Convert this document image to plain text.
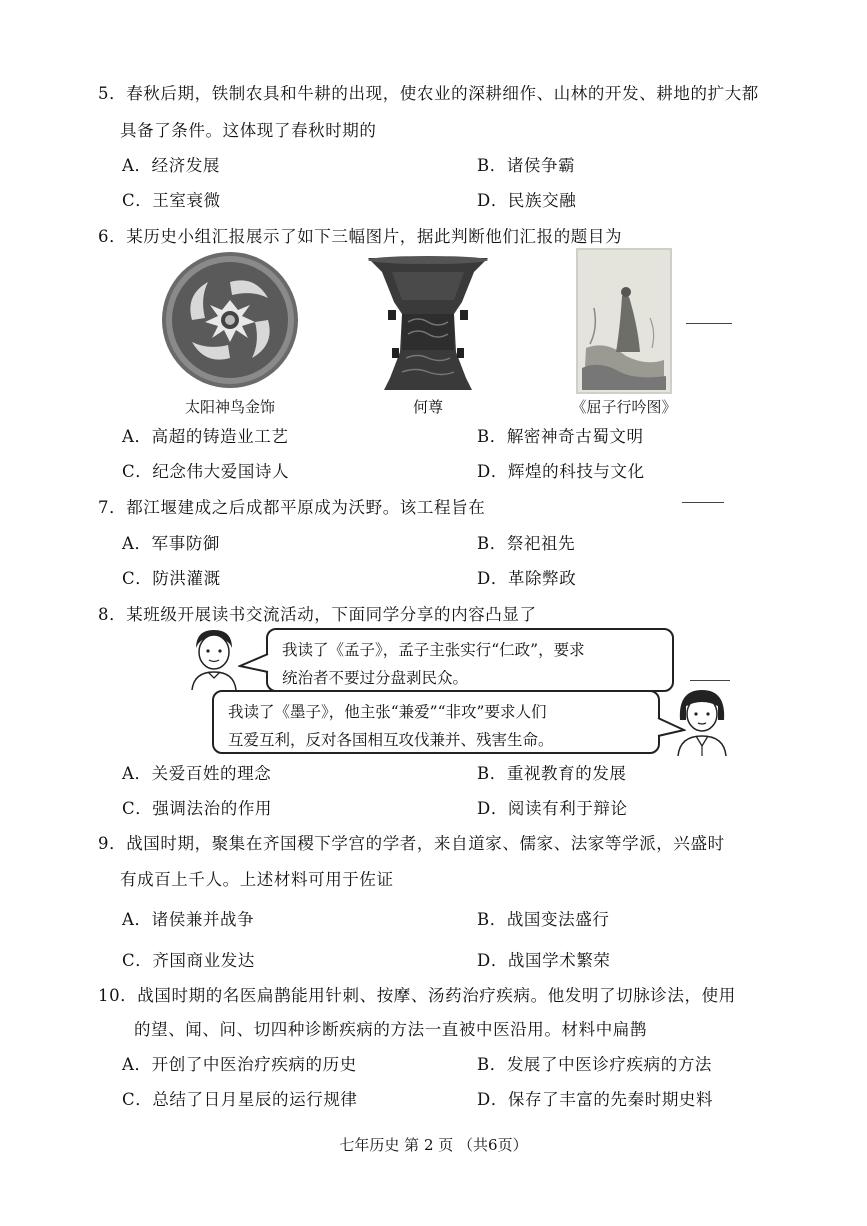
5．春秋后期，铁制农具和牛耕的出现，使农业的深耕细作、山林的开发、耕地的扩大都
具备了条件。这体现了春秋时期的
A．经济发展	B．诸侯争霸
C．王室衰微	D．民族交融
6．某历史小组汇报展示了如下三幅图片，据此判断他们汇报的题目为
太阳神鸟金饰	何尊	《屈子行吟图》
A．高超的铸造业工艺	B．解密神奇古蜀文明
C．纪念伟大爱国诗人	D．辉煌的科技与文化
7．都江堰建成之后成都平原成为沃野。该工程旨在
A．军事防御	B．祭祀祖先
C．防洪灌溉	D．革除弊政
8．某班级开展读书交流活动，下面同学分享的内容凸显了
我读了《孟子》，孟子主张实行“仁政”，要求
统治者不要过分盘剥民众。
我读了《墨子》，他主张“兼爱”“非攻”要求人们
互爱互利，反对各国相互攻伐兼并、残害生命。
A．关爱百姓的理念	B．重视教育的发展
C．强调法治的作用	D．阅读有利于辩论
9．战国时期，聚集在齐国稷下学宫的学者，来自道家、儒家、法家等学派，兴盛时
有成百上千人。上述材料可用于佐证
A．诸侯兼并战争	B．战国变法盛行
C．齐国商业发达	D．战国学术繁荣
10．战国时期的名医扁鹊能用针刺、按摩、汤药治疗疾病。他发明了切脉诊法，使用
的望、闻、问、切四种诊断疾病的方法一直被中医沿用。材料中扁鹊
A．开创了中医治疗疾病的历史	B．发展了中医诊疗疾病的方法
C．总结了日月星辰的运行规律	D．保存了丰富的先秦时期史料
七年历史 第 2 页 （共6页）
